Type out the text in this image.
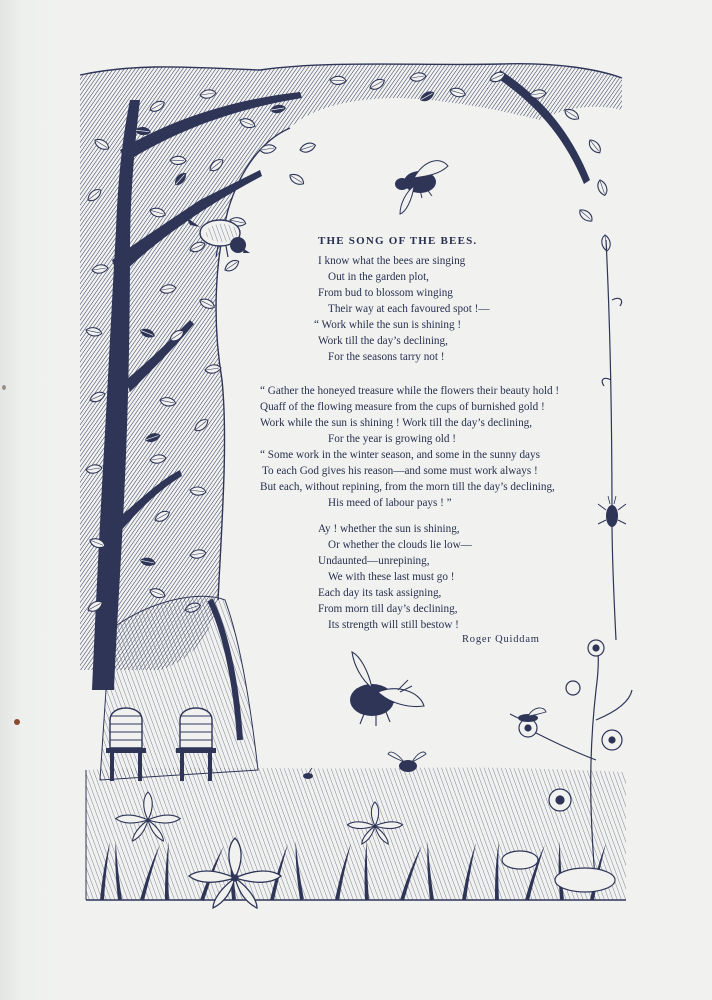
THE SONG OF THE BEES.
I know what the bees are singing
Out in the garden plot,
From bud to blossom winging
Their way at each favoured spot !—
“ Work while the sun is shining !
Work till the day’s declining,
For the seasons tarry not !
“ Gather the honeyed treasure while the flowers their beauty hold !
Quaff of the flowing measure from the cups of burnished gold !
Work while the sun is shining ! Work till the day’s declining,
For the year is growing old !
“ Some work in the winter season, and some in the sunny days
To each God gives his reason—and some must work always !
But each, without repining, from the morn till the day’s declining,
His meed of labour pays ! ”
Ay ! whether the sun is shining,
Or whether the clouds lie low—
Undaunted—unrepining,
We with these last must go !
Each day its task assigning,
From morn till day’s declining,
Its strength will still bestow !
Roger Quiddam
